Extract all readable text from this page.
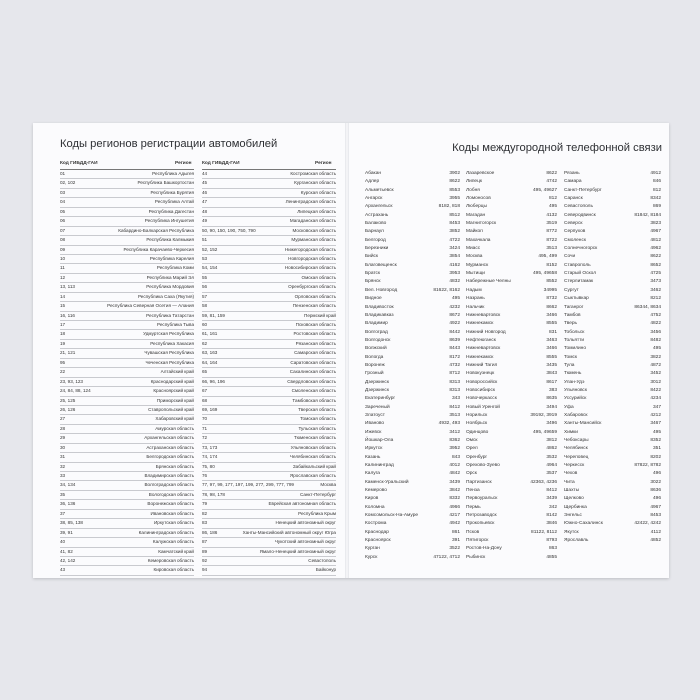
Коды регионов регистрации автомобилей
Код ГИБДД-ГАИ	Регион Код ГИБДД-ГАИ	Регион
01	Республика Адыгея
02, 102	Республика Башкортостан
03	Республика Бурятия
04	Республика Алтай
05	Республика Дагестан
06	Республика Ингушетия
07	Кабардино-Балкарская Республика
08	Республика Калмыкия
09	Республика Карачаево-Черкесия
10	Республика Карелия
11	Республика Коми
12	Республика Марий Эл
13, 113	Республика Мордовия
14	Республика Саха (Якутия)
15	Республика Северная Осетия — Алания
16, 116	Республика Татарстан
17	Республика Тыва
18	Удмуртская Республика
19	Республика Хакасия
21, 121	Чувашская Республика
95	Чеченская Республика
22	Алтайский край
23, 93, 123	Краснодарский край
24, 84, 88, 124	Красноярский край
25, 125	Приморский край
26, 126	Ставропольский край
27	Хабаровский край
28	Амурская область
29	Архангельская область
30	Астраханская область
31	Белгородская область
32	Брянская область
33	Владимирская область
34, 134	Волгоградская область
35	Вологодская область
36, 136	Воронежская область
37	Ивановская область
38, 85, 138	Иркутская область
39, 91	Калининградская область
40	Калужская область
41, 82	Камчатский край
42, 142	Кемеровская область
43	Кировская область
44	Костромская область
45	Курганская область
46	Курская область
47	Ленинградская область
48	Липецкая область
49	Магаданская область
50, 90, 150, 190, 750, 790	Московская область
51	Мурманская область
52, 152	Нижегородская область
53	Новгородская область
54, 154	Новосибирская область
55	Омская область
56	Оренбургская область
57	Орловская область
58	Пензенская область
59, 81, 159	Пермский край
60	Псковская область
61, 161	Ростовская область
62	Рязанская область
63, 163	Самарская область
64, 164	Саратовская область
65	Сахалинская область
66, 96, 196	Свердловская область
67	Смоленская область
68	Тамбовская область
69, 169	Тверская область
70	Томская область
71	Тульская область
72	Тюменская область
73, 173	Ульяновская область
74, 174	Челябинская область
75, 80	Забайкальский край
76	Ярославская область
77, 97, 99, 177, 197, 199, 277, 299, 777, 799	Москва
78, 98, 178	Санкт-Петербург
79	Еврейская автономная область
82	Республика Крым
83	Ненецкий автономный округ
86, 186	Ханты-Мансийский автономный округ Югра
87	Чукотский автономный округ
89	Ямало-Ненецкий автономный округ
92	Севастополь
94	Байконур
Коды междугородной телефонной связи
Абакан	3902
Адлер	8622
Альметьевск	8553
Ангарск	3955
Архангельск	8182, 818
Астрахань	8512
Балаково	8453
Барнаул	3852
Белгород	4722
Березники	3424
Бийск	3854
Благовещенск	4162
Братск	3953
Брянск	4832
Вел. Новгород	81622, 8162
Видное	495
Владивосток	4232
Владикавказ	8672
Владимир	4922
Волгоград	8442
Волгодонск	8639
Волжский	8443
Вологда	8172
Воронеж	4732
Грозный	8712
Дзержинск	8313
Дзержинск	8313
Екатеринбург	343
Зареченый	8412
Златоуст	3513
Иваново	4932, 493
Ижевск	3412
Йошкар-Ола	8362
Иркутск	3952
Казань	843
Калининград	4012
Калуга	4842
Каменск-Уральский	3439
Кемерово	3842
Киров	8332
Коломна	4966
Комсомольск-На-Амуре	4217
Кострома	4942
Краснодар	861
Красноярск	391
Курган	3522
Курск	47122, 4712
Лазаревское	8622
Липецк	4742
Лобня	495, 49627
Ломоносов	812
Люберцы	495
Магадан	4132
Магнитогорск	3519
Майкоп	8772
Махачкала	8722
Миасс	3513
Москва	495, 499
Мурманск	8152
Мытищи	495, 49658
Набережные Челны	8552
Надым	34995
Назрань	8732
Нальчик	8662
Нижневартовск	3466
Нижнекамск	8555
Нижний Новгород	831
Нефтеюганск	3463
Нижневартовск	3466
Нижнекамск	8555
Нижний Тагил	3435
Новокузнецк	3843
Новороссийск	8617
Новосибирск	383
Новочеркасск	8635
Новый Уренгой	3494
Норильск	39192, 3919
Ноябрьск	3496
Одинцово	495, 49659
Омск	3812
Орел	4862
Оренбург	3532
Орехово-Зуево	4964
Орск	3537
Партизанск	42363, 4236
Пенза	8412
Первоуральск	3439
Пермь	342
Петрозаводск	8142
Прокопьевск	3846
Псков	81122, 8112
Пятигорск	8793
Ростов-На-Дону	863
Рыбинск	4855
Рязань	4912
Самара	846
Санкт-Петербург	812
Саранск	8342
Севастополь	869
Северодвинск	81842, 8184
Северск	3823
Серпухов	4967
Смоленск	4812
Солнечногорск	4962
Сочи	8622
Ставрополь	8652
Старый Оскол	4725
Стерлитамак	3473
Сургут	3462
Сыктывкар	8212
Таганрог	86344, 8634
Тамбов	4752
Тверь	4822
Тобольск	3456
Тольятти	8482
Томилино	495
Томск	3822
Тула	4872
Тюмень	3452
Улан-Удэ	3012
Ульяновск	8422
Уссурийск	4234
Уфа	347
Хабаровск	4212
Ханты-Мансийск	3467
Химки	495
Чебоксары	8352
Челябинск	351
Череповец	8202
Черкесск	87822, 8782
Чехов	496
Чита	3022
Шахты	8636
Щелково	496
Щербинка	4967
Энгельс	8453
Южно-Сахалинск	42422, 4242
Якутск	4112
Ярославль	4852
